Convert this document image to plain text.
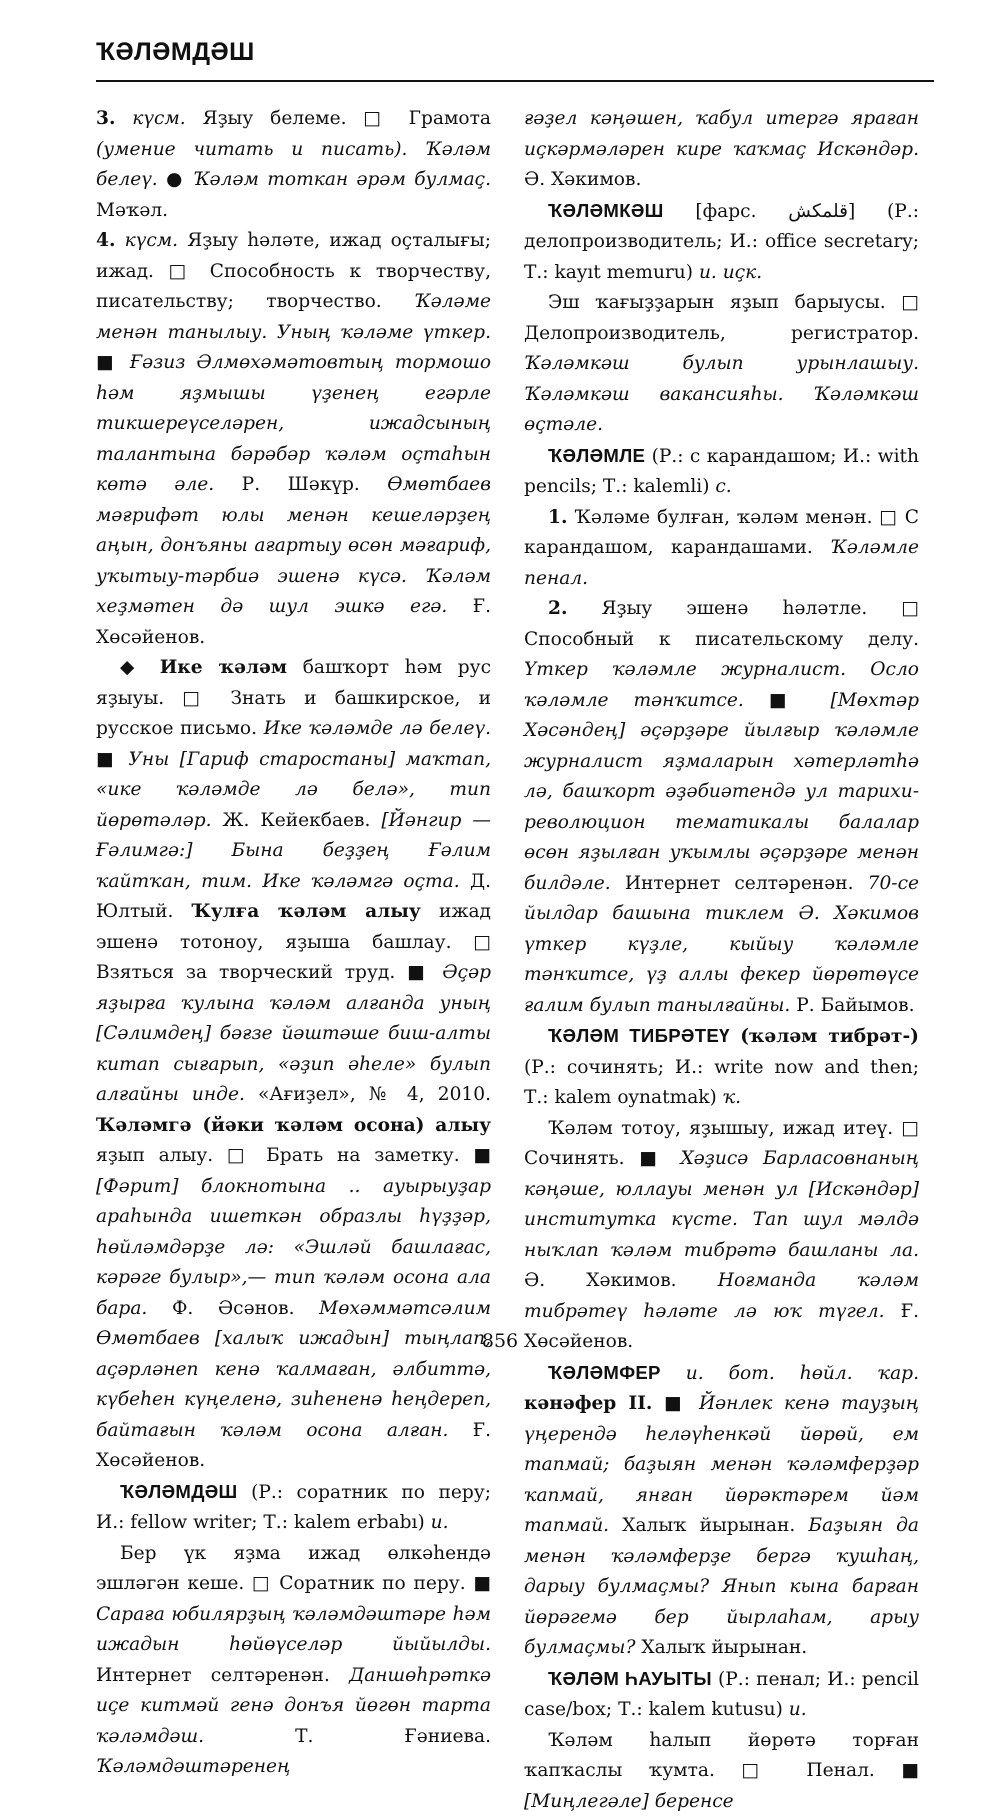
ҠӘЛӘМДӘШ

3. күсм. Яҙыу белеме. □ Грамота (умение читать и писать). Ҡәләм белеү. ● Ҡәләм тоткан әрәм булмаҫ. Мәҡәл.

4. күсм. Яҙыу һәләте, ижад оҫталығы; ижад. □ Способность к творчеству, писательству; творчество. Ҡәләме менән танылыу. Уның ҡәләме үткер. ■ Ғәзиз Әлмөхәмәтовтың тормошо һәм яҙмышы үҙенең егәрле тикшереүселәрен, ижадсының талантына бәрәбәр ҡәләм оҫтаһын көтә әле. Р. Шәкүр. Өмөтбаев мәғрифәт юлы менән кешеләрҙең аңын, донъяны ағартыу өсөн мәғариф, уҡытыу-тәрбиә эшенә күсә. Ҡәләм хеҙмәтен дә шул эшкә егә. Ғ. Хөсәйенов.

◆ Ике ҡәләм башҡорт һәм рус яҙыуы. □ Знать и башкирское, и русское письмо. Ике ҡәләмде лә белеү. ■ Уны [Гариф старостаны] маҡтап, «ике ҡәләмде лә белә», тип йөрөтәләр. Ж. Кейекбаев. [Йәнгир — Ғәлимгә:] Бына беҙҙең Ғәлим ҡайтҡан, тим. Ике ҡәләмгә оҫта. Д. Юлтый. Ҡулға ҡәләм алыу ижад эшенә тотоноу, яҙыша башлау. □ Взяться за творческий труд. ■ Әҫәр яҙырға ҡулына ҡәләм алғанда уның [Сәлимдең] бәғзе йәштәше биш-алты китап сығарып, «әҙип әһеле» булып алғайны инде. «Ағиҙел», № 4, 2010. Ҡәләмгә (йәки ҡәләм осона) алыу яҙып алыу. □ Брать на заметку. ■ [Фәрит] блокнотына .. ауырыуҙар араһында ишеткән образлы һүҙҙәр, һөйләмдәрҙе лә: «Эшләй башлағас, кәрәге булыр»,— тип ҡәләм осона ала бара. Ф. Әсәнов. Мөхәммәтсәлим Өмөтбаев [халыҡ ижадын] тыңлап, аҫәрләнеп кенә ҡалмаған, әлбиттә, күбеһен күңеленә, зиһененә һеңдереп, байтағын ҡәләм осона алған. Ғ. Хөсәйенов.

ҠӘЛӘМДӘШ (Р.: соратник по перу; И.: fellow writer; Т.: kalem erbabı) и.

Бер үк яҙма ижад өлкәһендә эшләгән кеше. □ Соратник по перу. ■ Сарағa юбилярҙың ҡәләмдәштәре һәм ижадын һөйөүселәр йыйылды. Интернет селтәренән. Даншөһрәткә иҫе китмәй генә донъя йөгөн тарта ҡәләмдәш. Т. Ғәниева. Ҡәләмдәштәренең

ғәҙел кәңәшен, ҡабул итергә яраған иҫкәрмәләрен кире ҡаҡмаҫ Искәндәр. Ә. Хәкимов.

ҠӘЛӘМКӘШ [фарс. قلمكش] (Р.: делопроизводитель; И.: office secretary; Т.: kayıt memuru) и. иҫк.

Эш ҡағыҙҙарын яҙып барыусы. □ Делопроизводитель, регистратор. Ҡәләмкәш булып урынлашыу. Ҡәләмкәш вакансияһы. Ҡәләмкәш өҫтәле.

ҠӘЛӘМЛЕ (Р.: с карандашом; И.: with pencils; Т.: kalemli) с.

1. Ҡәләме булған, ҡәләм менән. □ С карандашом, карандашами. Ҡәләмле пенал.

2. Яҙыу эшенә һәләтле. □ Способный к писательскому делу. Үткер ҡәләмле журналист. Осло ҡәләмле тәнҡитсе. ■ [Мөхтәр Хәсәндең] әҫәрҙәре йылғыр ҡәләмле журналист яҙмаларын хәтерләтһә лә, башҡорт әҙәбиәтендә ул тарихи-революцион тематикалы балалар өсөн яҙылған уҡымлы әҫәрҙәре менән билдәле. Интернет селтәренән. 70-се йылдар башына тиклем Ә. Хәкимов үткер күҙле, кыйыу ҡәләмле тәнҡитсе, үҙ аллы фекер йөрөтөүсе ғалим булып танылғайны. Р. Байымов.

ҠӘЛӘМ ТИБРӘТЕҮ (ҡәләм тибрәт-) (Р.: сочинять; И.: write now and then; Т.: kalem oynatmak) ҡ.

Ҡәләм тотоу, яҙышыу, ижад итеү. □ Сочинять. ■ Хәҙисә Барласовнаның кәңәше, юллауы менән ул [Искәндәр] институтка күсте. Тап шул мәлдә ныҡлап ҡәләм тибрәтә башланы ла. Ә. Хәкимов. Ноғманда ҡәләм тибрәтеү һәләте лә юҡ түгел. Ғ. Хөсәйенов.

ҠӘЛӘМФЕР и. бот. һөйл. ҡар. кәнәфер II. ■ Йәнлек кенә тауҙың үңерендә һеләүһенкәй йөрөй, ем тапмай; баҙыян менән ҡәләмферҙәр ҡапмай, янған йөрәктәрем йәм тапмай. Халыҡ йырынан. Баҙыян да менән ҡәләмферҙе бергә ҡушһаң, дарыу булмаҫмы? Янып кына барған йөрәгемә бер йырлаһам, арыу булмаҫмы? Халыҡ йырынан.

ҠӘЛӘМ ҺАУЫТЫ (Р.: пенал; И.: pencil case/box; Т.: kalem kutusu) и.

Ҡәләм һалып йөрөтә торған ҡапҡаслы ҡумта. □ Пенал. ■ [Миңлегәле] беренсе

856
